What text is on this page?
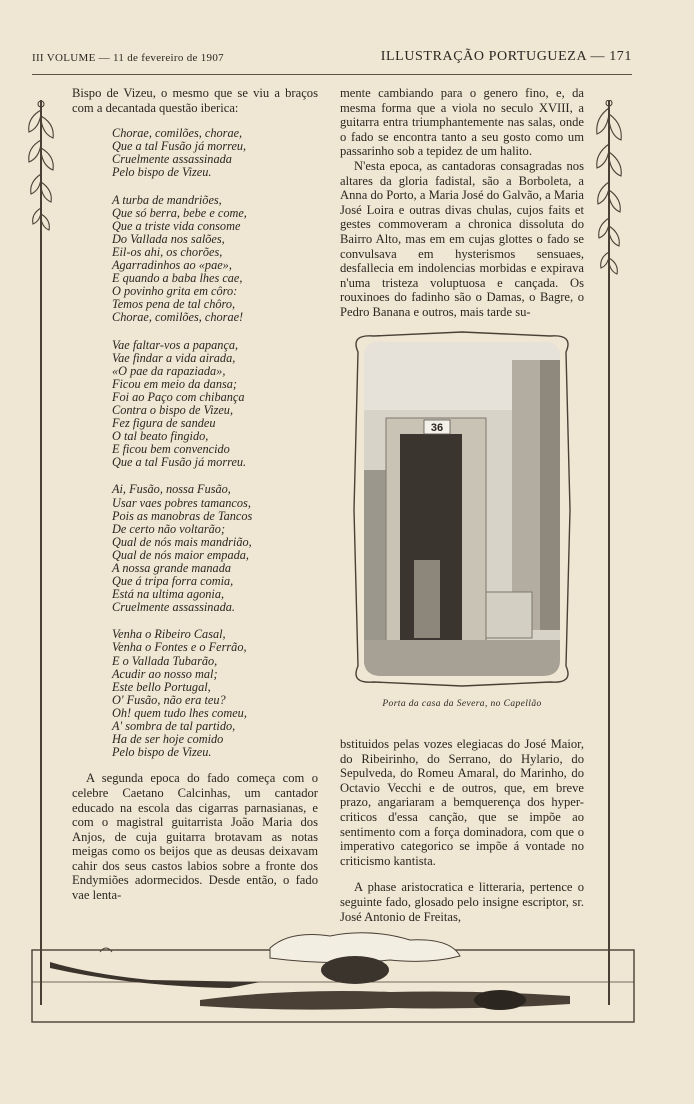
III VOLUME — 11 de fevereiro de 1907	ILLUSTRAÇÃO PORTUGUEZA — 171

Bispo de Vizeu, o mesmo que se viu a braços com a decantada questão iberica:

Chorae, comilões, chorae,
Que a tal Fusão já morreu,
Cruelmente assassinada
Pelo bispo de Vizeu.
A turba de mandriões,
Que só berra, bebe e come,
Que a triste vida consome
Do Vallada nos salões,
Eil-os ahi, os chorões,
Agarradinhos ao «pae»,
E quando a baba lhes cae,
O povinho grita em côro:
Temos pena de tal chôro,
Chorae, comilões, chorae!
Vae faltar-vos a papança,
Vae findar a vida airada,
«O pae da rapaziada»,
Ficou em meio da dansa;
Foi ao Paço com chibança
Contra o bispo de Vizeu,
Fez figura de sandeu
O tal beato fingido,
E ficou bem convencido
Que a tal Fusão já morreu.
Ai, Fusão, nossa Fusão,
Usar vaes pobres tamancos,
Pois as manobras de Tancos
De certo não voltarão;
Qual de nós mais mandrião,
Qual de nós maior empada,
A nossa grande manada
Que á tripa forra comia,
Está na ultima agonia,
Cruelmente assassinada.
Venha o Ribeiro Casal,
Venha o Fontes e o Ferrão,
E o Vallada Tubarão,
Acudir ao nosso mal;
Este bello Portugal,
O' Fusão, não era teu?
Oh! quem tudo lhes comeu,
A' sombra de tal partido,
Ha de ser hoje comido
Pelo bispo de Vizeu.

A segunda epoca do fado começa com o celebre Caetano Calcinhas, um cantador educado na escola das cigarras parnasianas, e com o magistral guitarrista João Maria dos Anjos, de cuja guitarra brotavam as notas meigas como os beijos que as deusas deixavam cahir dos seus castos labios sobre a fronte dos Endymiões adormecidos. Desde então, o fado vae lenta-

mente cambiando para o genero fino, e, da mesma forma que a viola no seculo XVIII, a guitarra entra triumphantemente nas salas, onde o fado se encontra tanto a seu gosto como um passarinho sob a tepidez de um halito.

N'esta epoca, as cantadoras consagradas nos altares da gloria fadistal, são a Borboleta, a Anna do Porto, a Maria José do Galvão, a Maria José Loira e outras divas chulas, cujos faits et gestes commoveram a chronica dissoluta do Bairro Alto, mas em em cujas glottes o fado se convulsava em hysterismos sensuaes, desfallecia em indolencias morbidas e expirava n'uma tristeza voluptuosa e cançada. Os rouxinoes do fadinho são o Damas, o Bagre, o Pedro Banana e outros, mais tarde su-

36
Porta da casa da Severa, no Capellão

bstituidos pelas vozes elegiacas do José Maior, do Ribeirinho, do Serrano, do Hylario, do Sepulveda, do Romeu Amaral, do Marinho, do Octavio Vecchi e de outros, que, em breve prazo, angariaram a bemquerença dos hyper-criticos d'essa canção, que se impõe ao sentimento com a força dominadora, com que o imperativo categorico se impõe á vontade no criticismo kantista.

A phase aristocratica e litteraria, pertence o seguinte fado, glosado pelo insigne escriptor, sr. José Antonio de Freitas,
